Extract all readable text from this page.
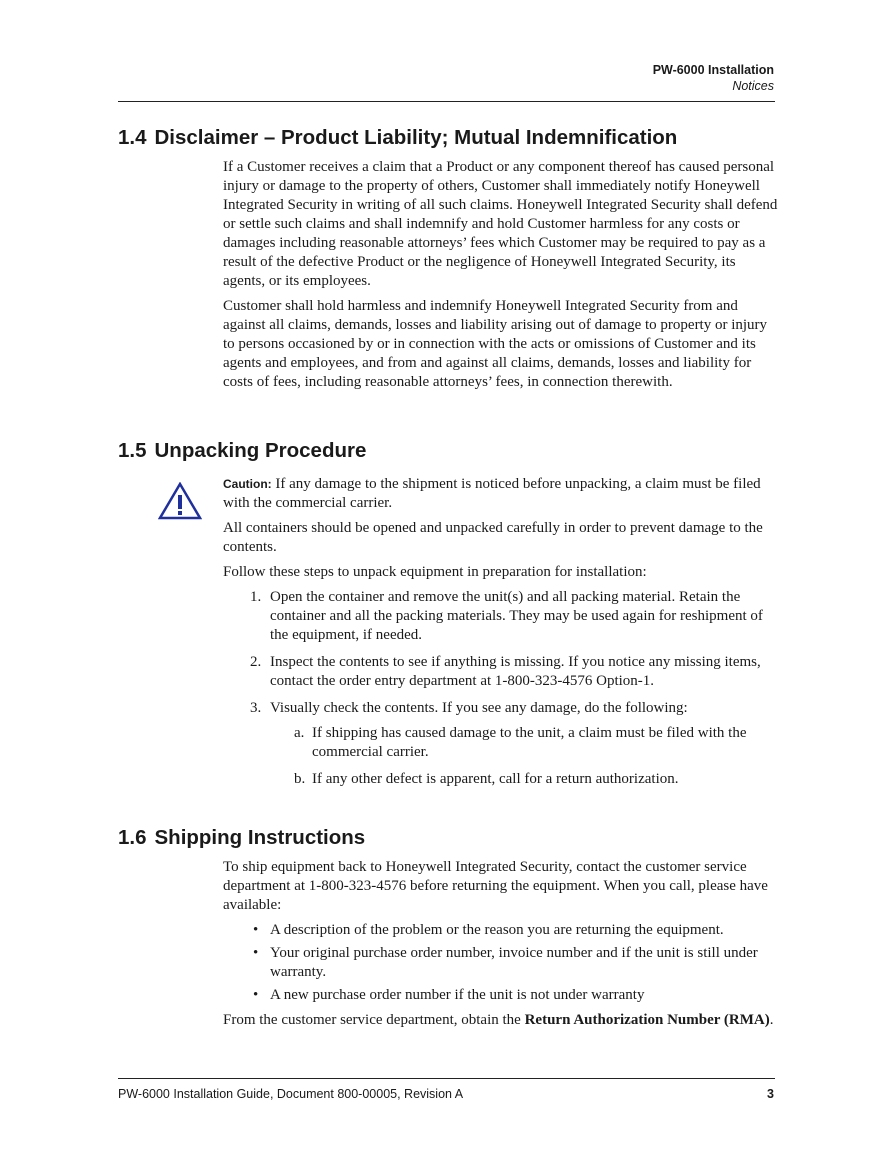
PW-6000 Installation
Notices
1.4 Disclaimer – Product Liability; Mutual Indemnification

If a Customer receives a claim that a Product or any component thereof has caused personal injury or damage to the property of others, Customer shall immediately notify Honeywell Integrated Security in writing of all such claims. Honeywell Integrated Security shall defend or settle such claims and shall indemnify and hold Customer harmless for any costs or damages including reasonable attorneys’ fees which Customer may be required to pay as a result of the defective Product or the negligence of Honeywell Integrated Security, its agents, or its employees.

Customer shall hold harmless and indemnify Honeywell Integrated Security from and against all claims, demands, losses and liability arising out of damage to property or injury to persons occasioned by or in connection with the acts or omissions of Customer and its agents and employees, and from and against all claims, demands, losses and liability for costs of fees, including reasonable attorneys’ fees, in connection therewith.

1.5 Unpacking Procedure

Caution: If any damage to the shipment is noticed before unpacking, a claim must be filed with the commercial carrier.

All containers should be opened and unpacked carefully in order to prevent damage to the contents.

Follow these steps to unpack equipment in preparation for installation:

1. Open the container and remove the unit(s) and all packing material. Retain the container and all the packing materials. They may be used again for reshipment of the equipment, if needed.
2. Inspect the contents to see if anything is missing. If you notice any missing items, contact the order entry department at 1-800-323-4576 Option-1.
3. Visually check the contents. If you see any damage, do the following:
a. If shipping has caused damage to the unit, a claim must be filed with the commercial carrier.
b. If any other defect is apparent, call for a return authorization.
1.6 Shipping Instructions

To ship equipment back to Honeywell Integrated Security, contact the customer service department at 1-800-323-4576 before returning the equipment. When you call, please have available:

• A description of the problem or the reason you are returning the equipment.
• Your original purchase order number, invoice number and if the unit is still under warranty.
• A new purchase order number if the unit is not under warranty

From the customer service department, obtain the Return Authorization Number (RMA).

PW-6000 Installation Guide, Document 800-00005, Revision A	3
